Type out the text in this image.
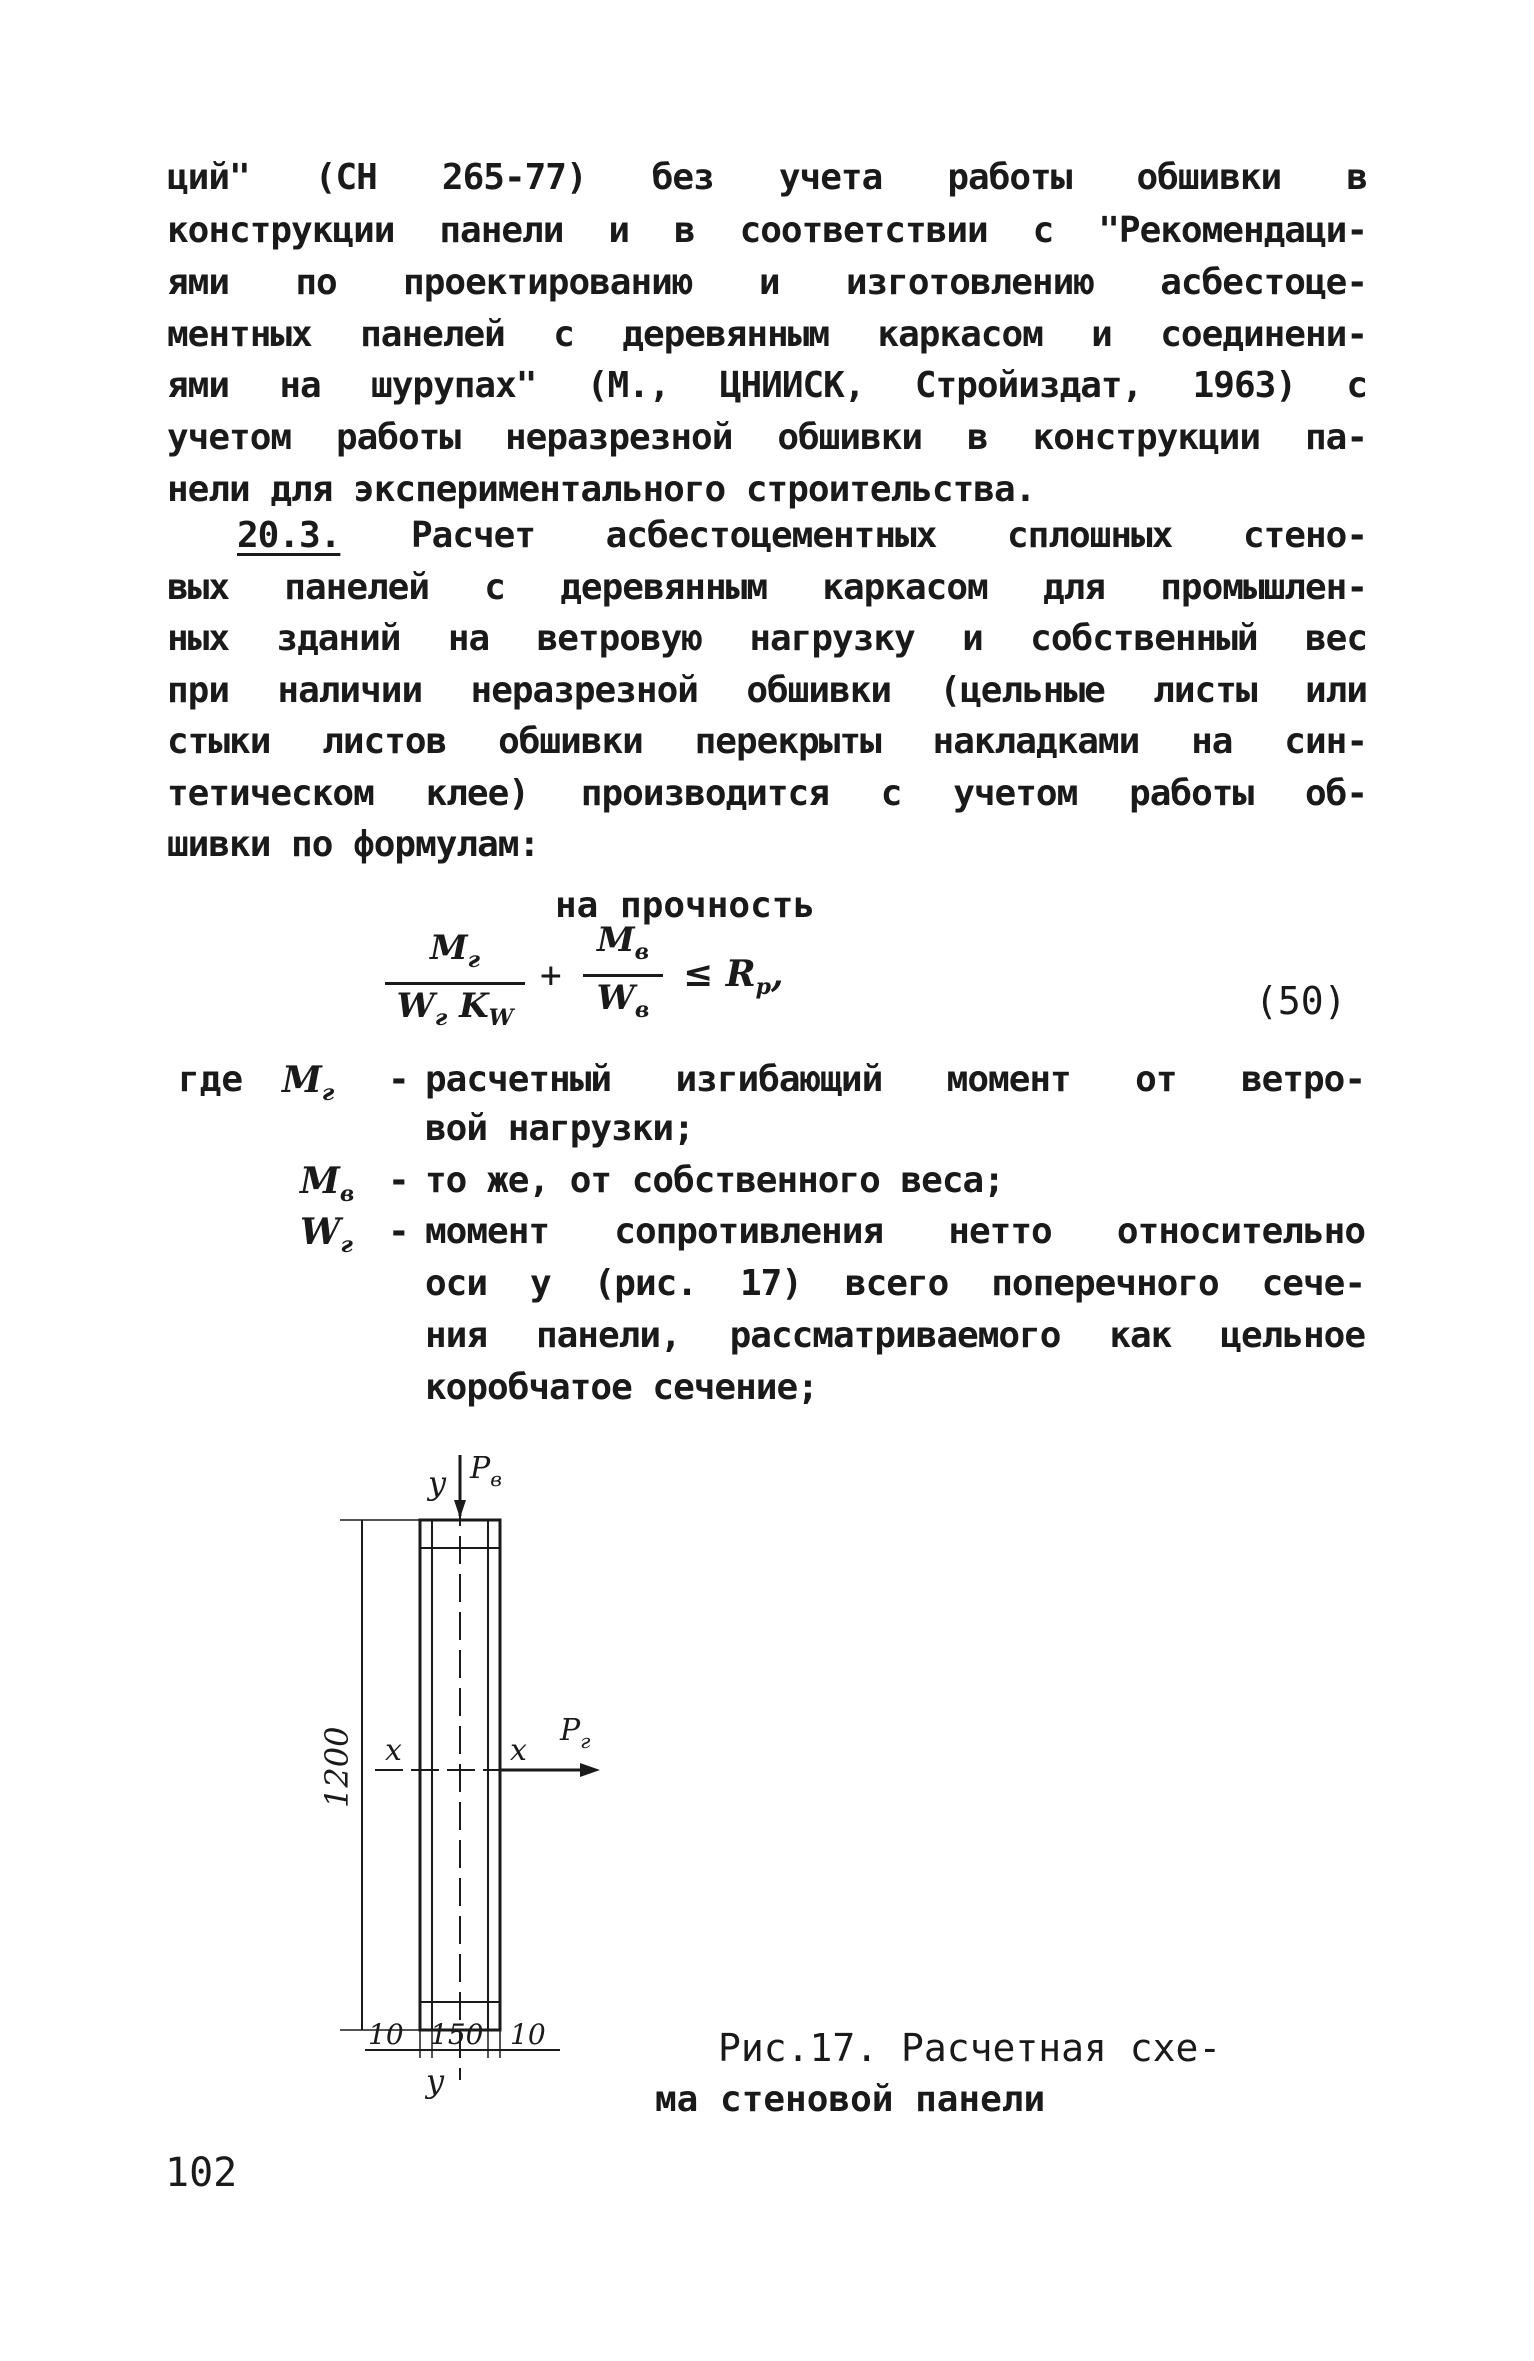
ций" (СН 265-77) без учета работы обшивки в
конструкции панели и в соответствии с "Рекомендаци-
ями по проектированию и изготовлению асбестоце-
ментных панелей с деревянным каркасом и соединени-
ями на шурупах" (М., ЦНИИСК, Стройиздат, 1963) с
учетом работы неразрезной обшивки в конструкции па-
нели для экспериментального строительства.
20.3. Расчет асбестоцементных сплошных стено-
вых панелей с деревянным каркасом для промышлен-
ных зданий на ветровую нагрузку и собственный вес
при наличии неразрезной обшивки (цельные листы или
стыки листов обшивки перекрыты накладками на син-
тетическом клее) производится с учетом работы об-
шивки по формулам:
на прочность
$M_г$
$W_г$ $K_W$
+
$M_в$
$W_в$
≤ $R_р$,
(50)
где $M_г$ - расчетный изгибающий момент от ветро-
вой нагрузки;
$M_в$ - то же, от собственного веса;
$W_г$ - момент сопротивления нетто относительно
оси y (рис. 17) всего поперечного сече-
ния панели, рассматриваемого как цельное
коробчатое сечение;
y $P_в$
x	x
$P_г$
1200
10 150 10
y
Рис.17. Расчетная схе-
ма стеновой панели
102
